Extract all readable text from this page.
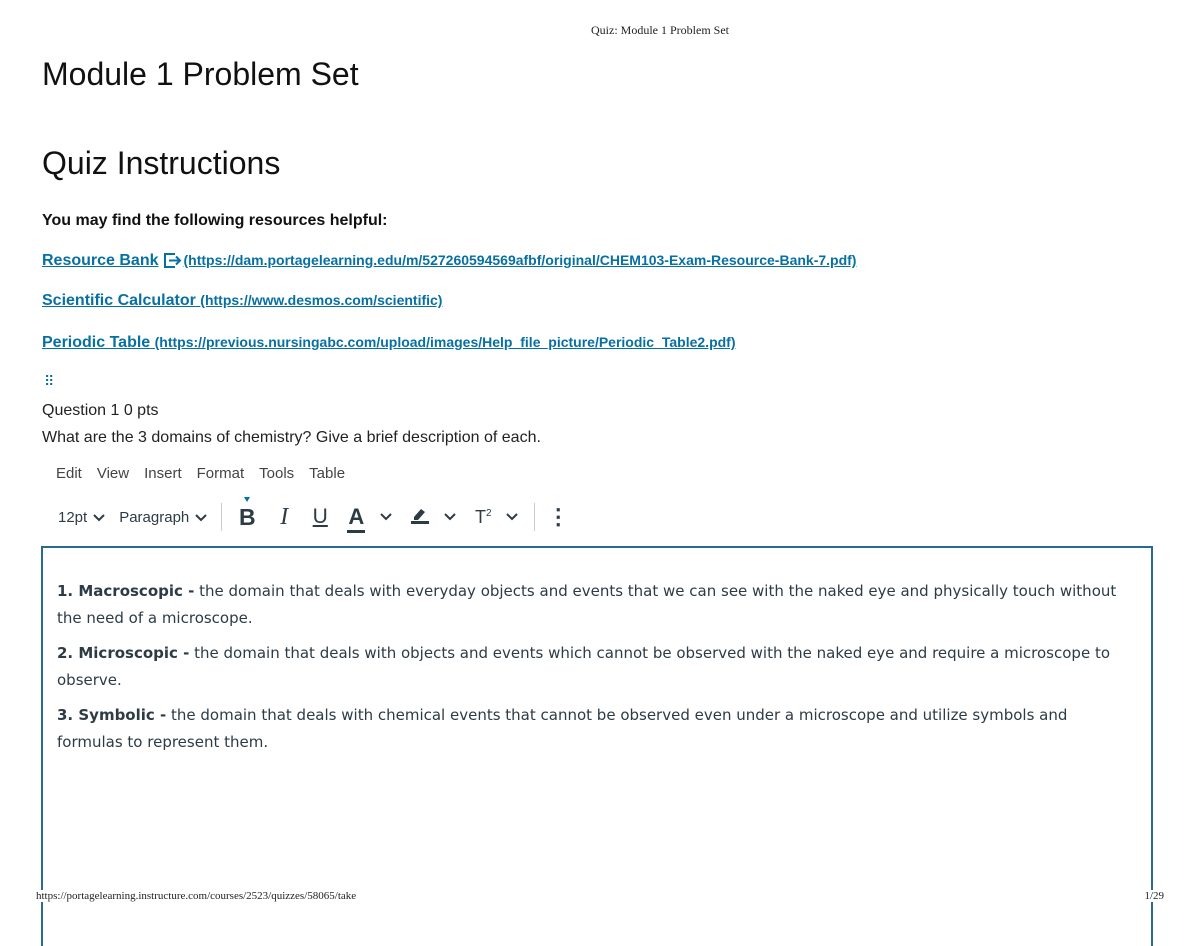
Quiz: Module 1 Problem Set
Module 1 Problem Set
Quiz Instructions
You may find the following resources helpful:
Resource Bank (https://dam.portagelearning.edu/m/527260594569afbf/original/CHEM103-Exam-Resource-Bank-7.pdf)
Scientific Calculator (https://www.desmos.com/scientific)
Periodic Table (https://previous.nursingabc.com/upload/images/Help_file_picture/Periodic_Table2.pdf)
⠿
Question 1 0 pts
What are the 3 domains of chemistry? Give a brief description of each.
Edit View Insert Format Tools Table
12pt Paragraph B I U A	$T^2$	⋮

1. Macroscopic - the domain that deals with everyday objects and events that we can see with the naked eye and physically touch without the need of a microscope.

2. Microscopic - the domain that deals with objects and events which cannot be observed with the naked eye and require a microscope to observe.

3. Symbolic - the domain that deals with chemical events that cannot be observed even under a microscope and utilize symbols and formulas to represent them.

https://portagelearning.instructure.com/courses/2523/quizzes/58065/take	1/29
